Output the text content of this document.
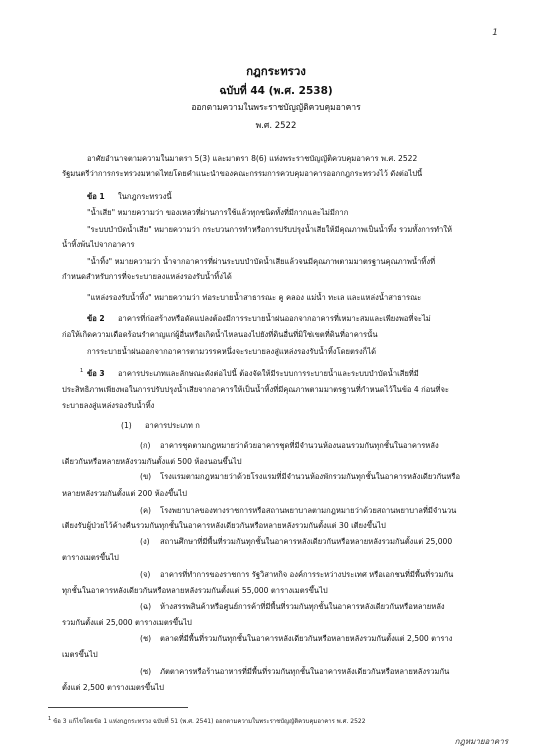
1
กฎกระทรวง
ฉบับที่ 44 (พ.ศ. 2538)
ออกตามความในพระราชบัญญัติควบคุมอาคาร
พ.ศ. 2522
อาศัยอำนาจตามความในมาตรา 5(3) และมาตรา 8(6) แห่งพระราชบัญญัติควบคุมอาคาร พ.ศ. 2522
รัฐมนตรีว่าการกระทรวงมหาดไทยโดยคำแนะนำของคณะกรรมการควบคุมอาคารออกกฎกระทรวงไว้ ดังต่อไปนี้
ข้อ 1 ในกฎกระทรวงนี้
"น้ำเสีย" หมายความว่า ของเหลวที่ผ่านการใช้แล้วทุกชนิดทั้งที่มีกากและไม่มีกาก
"ระบบบำบัดน้ำเสีย" หมายความว่า กระบวนการทำหรือการปรับปรุงน้ำเสียให้มีคุณภาพเป็นน้ำทิ้ง รวมทั้งการทำให้
น้ำทิ้งพ้นไปจากอาคาร
"น้ำทิ้ง" หมายความว่า น้ำจากอาคารที่ผ่านระบบบำบัดน้ำเสียแล้วจนมีคุณภาพตามมาตรฐานคุณภาพน้ำทิ้งที่
กำหนดสำหรับการที่จะระบายลงแหล่งรองรับน้ำทิ้งได้
"แหล่งรองรับน้ำทิ้ง" หมายความว่า ท่อระบายน้ำสาธารณะ คู คลอง แม่น้ำ ทะเล และแหล่งน้ำสาธารณะ
ข้อ 2 อาคารที่ก่อสร้างหรือดัดแปลงต้องมีการระบายน้ำฝนออกจากอาคารที่เหมาะสมและเพียงพอที่จะไม่
ก่อให้เกิดความเดือดร้อนรำคาญแก่ผู้อื่นหรือเกิดน้ำไหลนองไปยังที่ดินอื่นที่มิใช่เขตที่ดินที่อาคารนั้น
การระบายน้ำฝนออกจากอาคารตามวรรคหนึ่งจะระบายลงสู่แหล่งรองรับน้ำทิ้งโดยตรงก็ได้
1 ข้อ 3 อาคารประเภทและลักษณะดังต่อไปนี้ ต้องจัดให้มีระบบการระบายน้ำและระบบบำบัดน้ำเสียที่มี
ประสิทธิภาพเพียงพอในการปรับปรุงน้ำเสียจากอาคารให้เป็นน้ำทิ้งที่มีคุณภาพตามมาตรฐานที่กำหนดไว้ในข้อ 4 ก่อนที่จะ
ระบายลงสู่แหล่งรองรับน้ำทิ้ง
(1) อาคารประเภท ก
(ก) อาคารชุดตามกฎหมายว่าด้วยอาคารชุดที่มีจำนวนห้องนอนรวมกันทุกชั้นในอาคารหลัง
เดียวกันหรือหลายหลังรวมกันตั้งแต่ 500 ห้องนอนขึ้นไป
(ข) โรงแรมตามกฎหมายว่าด้วยโรงแรมที่มีจำนวนห้องพักรวมกันทุกชั้นในอาคารหลังเดียวกันหรือ
หลายหลังรวมกันตั้งแต่ 200 ห้องขึ้นไป
(ค) โรงพยาบาลของทางราชการหรือสถานพยาบาลตามกฎหมายว่าด้วยสถานพยาบาลที่มีจำนวน
เตียงรับผู้ป่วยไว้ค้างคืนรวมกันทุกชั้นในอาคารหลังเดียวกันหรือหลายหลังรวมกันตั้งแต่ 30 เตียงขึ้นไป
(ง) สถานศึกษาที่มีพื้นที่รวมกันทุกชั้นในอาคารหลังเดียวกันหรือหลายหลังรวมกันตั้งแต่ 25,000
ตารางเมตรขึ้นไป
(จ) อาคารที่ทำการของราชการ รัฐวิสาหกิจ องค์การระหว่างประเทศ หรือเอกชนที่มีพื้นที่รวมกัน
ทุกชั้นในอาคารหลังเดียวกันหรือหลายหลังรวมกันตั้งแต่ 55,000 ตารางเมตรขึ้นไป
(ฉ) ห้างสรรพสินค้าหรือศูนย์การค้าที่มีพื้นที่รวมกันทุกชั้นในอาคารหลังเดียวกันหรือหลายหลัง
รวมกันตั้งแต่ 25,000 ตารางเมตรขึ้นไป
(ช) ตลาดที่มีพื้นที่รวมกันทุกชั้นในอาคารหลังเดียวกันหรือหลายหลังรวมกันตั้งแต่ 2,500 ตาราง
เมตรขึ้นไป
(ซ) ภัตตาคารหรือร้านอาหารที่มีพื้นที่รวมกันทุกชั้นในอาคารหลังเดียวกันหรือหลายหลังรวมกัน
ตั้งแต่ 2,500 ตารางเมตรขึ้นไป
$^1$ ข้อ 3 แก้ไขโดยข้อ 1 แห่งกฎกระทรวง ฉบับที่ 51 (พ.ศ. 2541) ออกตามความในพระราชบัญญัติควบคุมอาคาร พ.ศ. 2522
กฎหมายอาคาร
